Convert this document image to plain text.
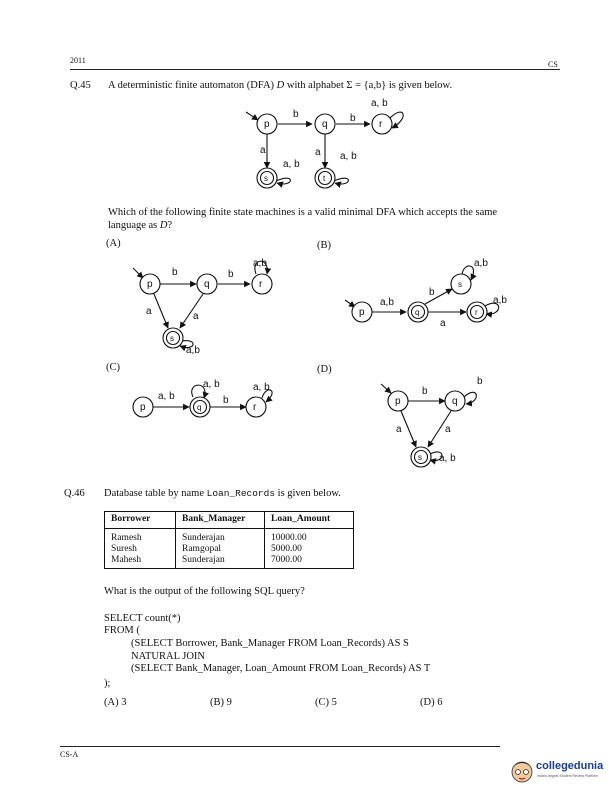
2011	CS
Q.45 A deterministic finite automaton (DFA) D with alphabet Σ = {a,b} is given below.
p	q	r
s	t
b	b
a, b
a	a
a, b
a, b
p	q	r
s
b	b
a,b
a	a
a,b
p	q
s
r
a,b
b
a,b
a
a,b
p	q	r
a, b
a, b
b
a, b
p	q
s
b
b
a	a
a, b
Which of the following finite state machines is a valid minimal DFA which accepts the same
language as D?
(A)	(B)
(C)	(D)
Q.46 Database table by name Loan_Records is given below.
Borrower	Bank_Manager	Loan_Amount
Ramesh	Sunderajan	10000.00
Suresh	Ramgopal	5000.00
Mahesh	Sunderajan	7000.00
What is the output of the following SQL query?
SELECT count(*)
FROM (
(SELECT Borrower, Bank_Manager FROM Loan_Records) AS S
NATURAL JOIN
(SELECT Bank_Manager, Loan_Amount FROM Loan_Records) AS T
);
(A) 3	(B) 9	(C) 5	(D) 6
CS-A
collegedunia
India's largest Student Review Platform
